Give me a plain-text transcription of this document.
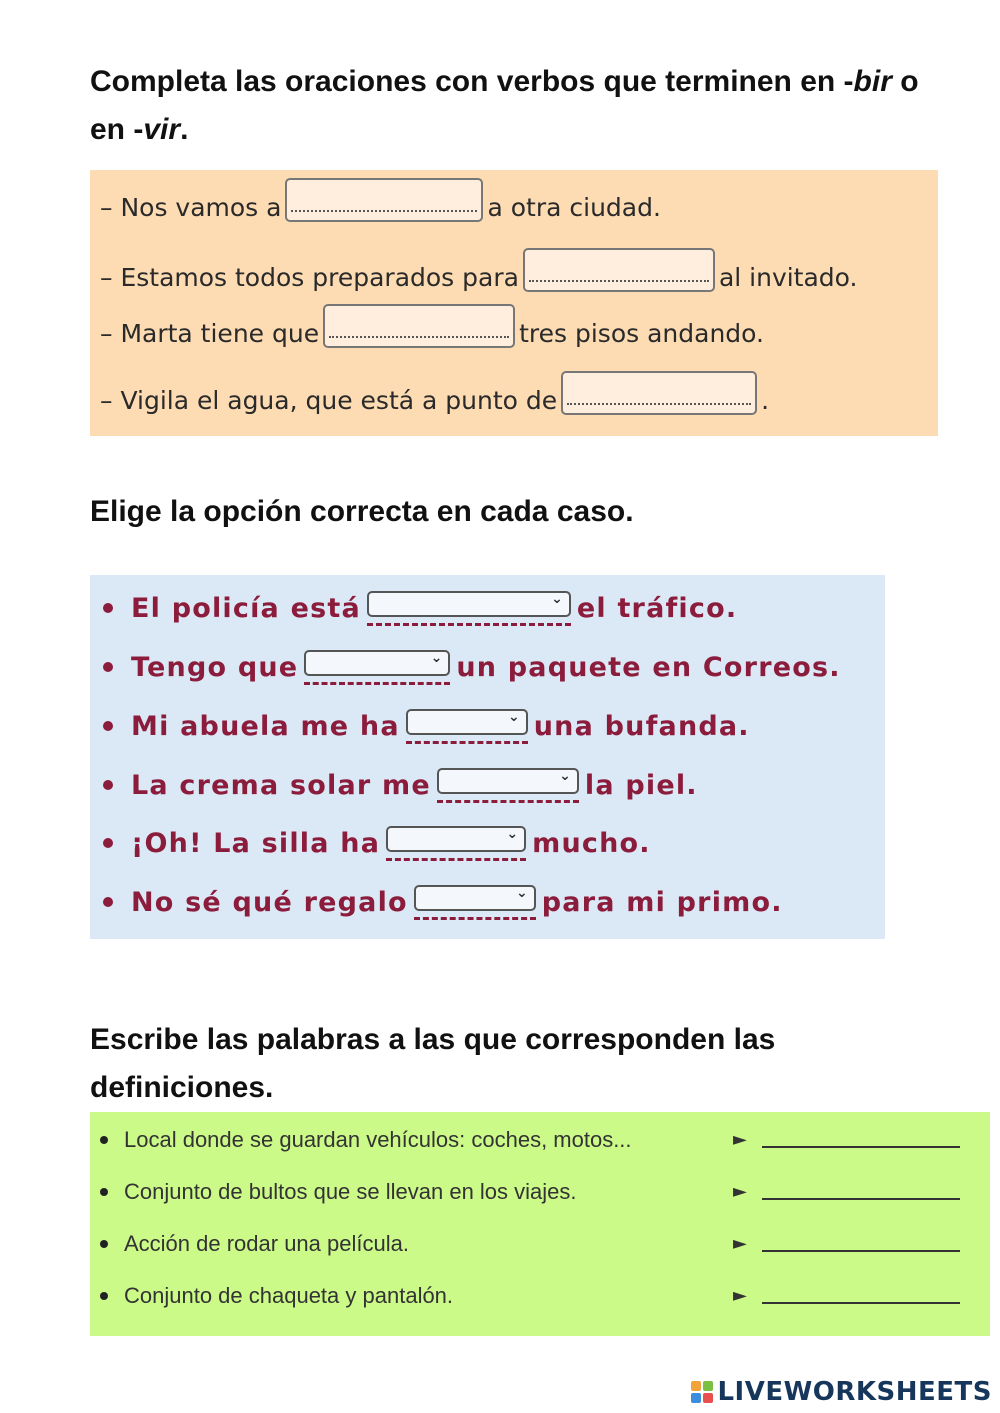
Completa las oraciones con verbos que terminen en -bir o en -vir.
– Nos vamos a	a otra ciudad.
– Estamos todos preparados para	al invitado.
– Marta tiene que	tres pisos andando.
– Vigila el agua, que está a punto de	.
Elige la opción correcta en cada caso.
El policía está	⌄ el tráfico.
Tengo que	⌄ un paquete en Correos.
Mi abuela me ha	⌄ una bufanda.
La crema solar me	⌄ la piel.
¡Oh! La silla ha	⌄ mucho.
No sé qué regalo	⌄ para mi primo.
Escribe las palabras a las que corresponden las definiciones.
Local donde se guardan vehículos: coches, motos...	►
Conjunto de bultos que se llevan en los viajes.	►
Acción de rodar una película.	►
Conjunto de chaqueta y pantalón.	►
LIVEWORKSHEETS
